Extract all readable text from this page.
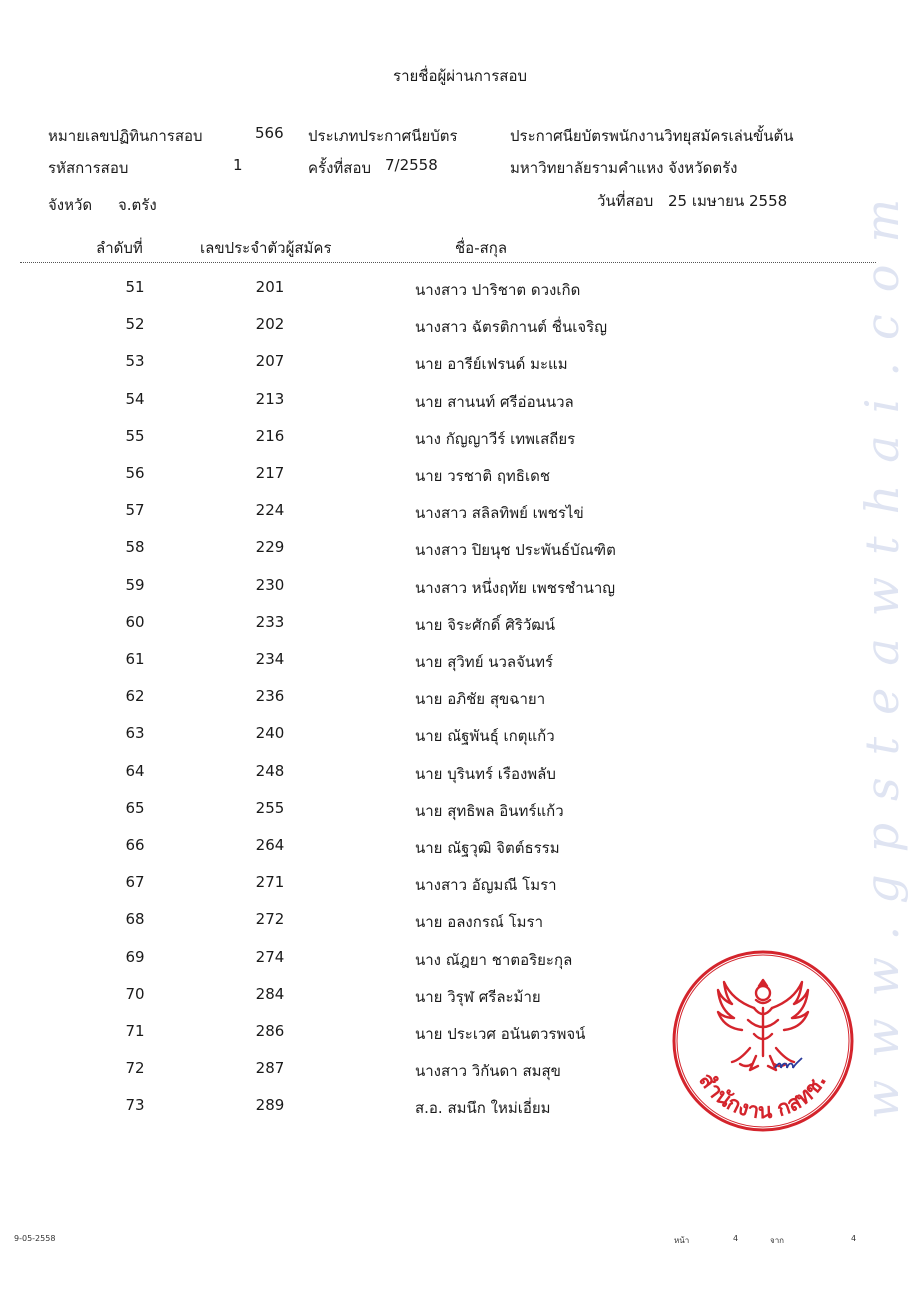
www.gpsteawthai.com
รายชื่อผู้ผ่านการสอบ
หมายเลขปฏิทินการสอบ	566 ประเภทประกาศนียบัตร	ประกาศนียบัตรพนักงานวิทยุสมัครเล่นขั้นต้น
รหัสการสอบ	1	ครั้งที่สอบ 7/2558	มหาวิทยาลัยรามคำแหง จังหวัดตรัง
จังหวัด จ.ตรัง	วันที่สอบ 25 เมษายน 2558
ลำดับที่	เลขประจำตัวผู้สมัคร	ชื่อ-สกุล
51	201	นางสาว ปาริชาต ดวงเกิด
52	202	นางสาว ฉัตรติกานต์ ชื่นเจริญ
53	207	นาย อารีย์เฟรนด์ มะแม
54	213	นาย สานนท์ ศรีอ่อนนวล
55	216	นาง กัญญาวีร์ เทพเสถียร
56	217	นาย วรชาติ ฤทธิเดช
57	224	นางสาว สลิลทิพย์ เพชรไข่
58	229	นางสาว ปิยนุช ประพันธ์บัณฑิต
59	230	นางสาว หนึ่งฤทัย เพชรชำนาญ
60	233	นาย จิระศักดิ์ ศิริวัฒน์
61	234	นาย สุวิทย์ นวลจันทร์
62	236	นาย อภิชัย สุขฉายา
63	240	นาย ณัฐพันธุ์ เกตุแก้ว
64	248	นาย บุรินทร์ เรืองพลับ
65	255	นาย สุทธิพล อินทร์แก้ว
66	264	นาย ณัฐวุฒิ จิตต์ธรรม
67	271	นางสาว อัญมณี โมรา
68	272	นาย อลงกรณ์ โมรา
69	274	นาง ณัฎยา ชาตอริยะกุล
70	284	นาย วิรุฬ ศรีละม้าย
71	286	นาย ประเวศ อนันตวรพจน์
72	287	นางสาว วิกันดา สมสุข
73	289	ส.อ. สมนึก ใหม่เอี่ยม
สำนักงาน กสทช.
9-05-2558	หน้า	4	จาก	4
